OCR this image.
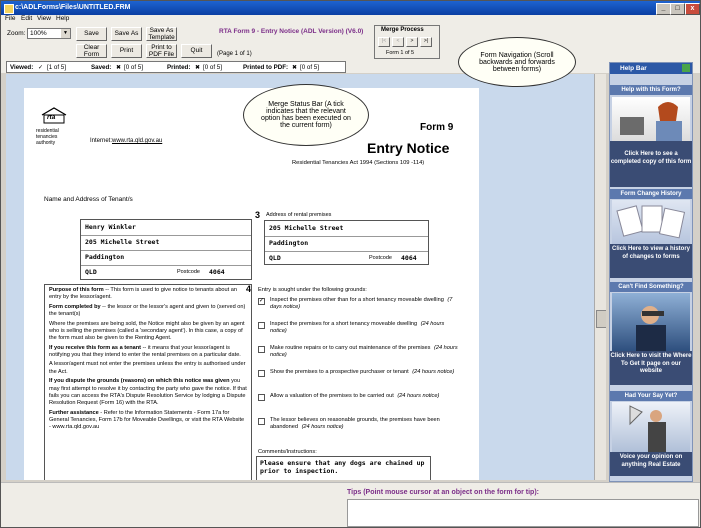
c:\ADLForms\Files\UNTITLED.FRM	_	□	x
File Edit View Help
Zoom: 100%	▼	Save	Save As
Save As Template
Clear Form
Print
Print to PDF File
Quit
RTA Form 9 - Entry Notice (ADL Version) (V6.0)
(Page 1 of 1)
Merge Process
|<	<	>	>|
Form 1 of 5
Viewed: ✓ [1 of 5]	Saved: ✖ [0 of 5]	Printed: ✖ [0 of 5]	Printed to PDF: ✖ [0 of 5]
rta
residential tenancies authority	Internet: www.rta.qld.gov.au
Form 9
Entry Notice
Residential Tenancies Act 1994 (Sections 109 -114)
Name and Address of Tenant/s
Henry Winkler
205 Michelle Street
Paddington
QLD	Postcode 4064
3 Address of rental premises
205 Michelle Street
Paddington
QLD	Postcode 4064
Purpose of this form -- This form is used to give notice to tenants about an entry by the lessor/agent.
Form completed by -- the lessor or the lessor's agent and given to (served on) the tenant(s)
Where the premises are being sold, the Notice might also be given by an agent who is selling the premises (called a 'secondary agent'). In this case, a copy of the form must also be given to the Renting Agent.
If you receive this form as a tenant -- it means that your lessor/agent is notifying you that they intend to enter the rental premises on a particular date.
A lessor/agent must not enter the premises unless the entry is authorised under the Act.
If you dispute the grounds (reasons) on which this notice was given you may first attempt to resolve it by contacting the party who gave the notice. If that fails you can access the RTA's Dispute Resolution Service by lodging a Dispute Resolution Request (Form 16) with the RTA.
Further assistance - Refer to the Information Statements - Form 17a for General Tenancies, Form 17b for Moveable Dwellings, or visit the RTA Website - www.rta.qld.gov.au
4 Entry is sought under the following grounds:
✓ Inspect the premises other than for a short tenancy moveable dwelling (7 days notice)
Inspect the premises for a short tenancy moveable dwelling (24 hours notice)
Make routine repairs or to carry out maintenance of the premises (24 hours notice)
Show the premises to a prospective purchaser or tenant (24 hours notice)
Allow a valuation of the premises to be carried out (24 hours notice)
The lessor believes on reasonable grounds, the premises have been abandoned (24 hours notice)
Comments/Instructions:
Please ensure that any dogs are chained up prior to inspection.
Help Bar
Help with this Form?
Click Here to see a completed copy of this form
Form Change History
Click Here to view a history of changes to forms
Can't Find Something?
Click Here to visit the Where To Get It page on our website
Had Your Say Yet?
Voice your opinion on anything Real Estate
Form Navigation (Scroll backwards and forwards between forms)
Merge Status Bar (A tick indicates that the relevant option has been executed on the current form)
Tips (Point mouse cursor at an object on the form for tip):
